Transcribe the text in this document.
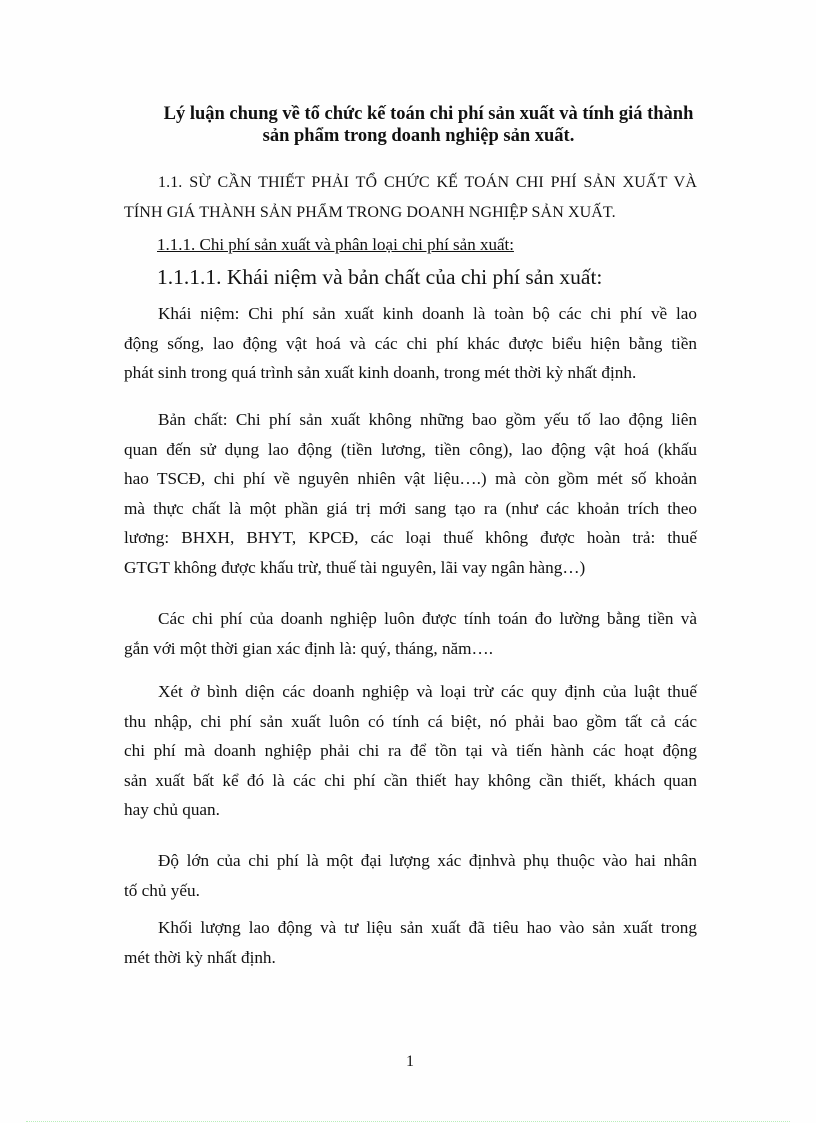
Lý luận chung về tổ chức kế toán chi phí sản xuất và tính giá thành
sản phẩm trong doanh nghiệp sản xuất.
1.1. SỪ CẦN THIẾT PHẢI TỔ CHỨC KẾ TOÁN CHI PHÍ SẢN XUẤT VÀ
TÍNH GIÁ THÀNH SẢN PHẨM TRONG DOANH NGHIỆP SẢN XUẤT.
1.1.1. Chi phí sản xuất và phân loại chi phí sản xuất:
1.1.1.1. Khái niệm và bản chất của chi phí sản xuất:
Khái niệm: Chi phí sản xuất kinh doanh là toàn bộ các chi phí về lao
động sống, lao động vật hoá và các chi phí khác được biểu hiện bằng tiền
phát sinh trong quá trình sản xuất kinh doanh, trong mét thời kỳ nhất định.
Bản chất: Chi phí sản xuất không những bao gồm yếu tố lao động liên
quan đến sử dụng lao động (tiền lương, tiền công), lao động vật hoá (khấu
hao TSCĐ, chi phí về nguyên nhiên vật liệu….) mà còn gồm mét số khoản
mà thực chất là một phần giá trị mới sang tạo ra (như các khoản trích theo
lương: BHXH, BHYT, KPCĐ, các loại thuế không được hoàn trả: thuế
GTGT không được khấu trừ, thuế tài nguyên, lãi vay ngân hàng…)
Các chi phí của doanh nghiệp luôn được tính toán đo lường bằng tiền và
gắn với một thời gian xác định là: quý, tháng, năm….
Xét ở bình diện các doanh nghiệp và loại trừ các quy định của luật thuế
thu nhập, chi phí sản xuất luôn có tính cá biệt, nó phải bao gồm tất cả các
chi phí mà doanh nghiệp phải chi ra để tồn tại và tiến hành các hoạt động
sản xuất bất kể đó là các chi phí cần thiết hay không cần thiết, khách quan
hay chủ quan.
Độ lớn của chi phí là một đại lượng xác địnhvà phụ thuộc vào hai nhân
tố chủ yếu.
Khối lượng lao động và tư liệu sản xuất đã tiêu hao vào sản xuất trong
mét thời kỳ nhất định.
1
